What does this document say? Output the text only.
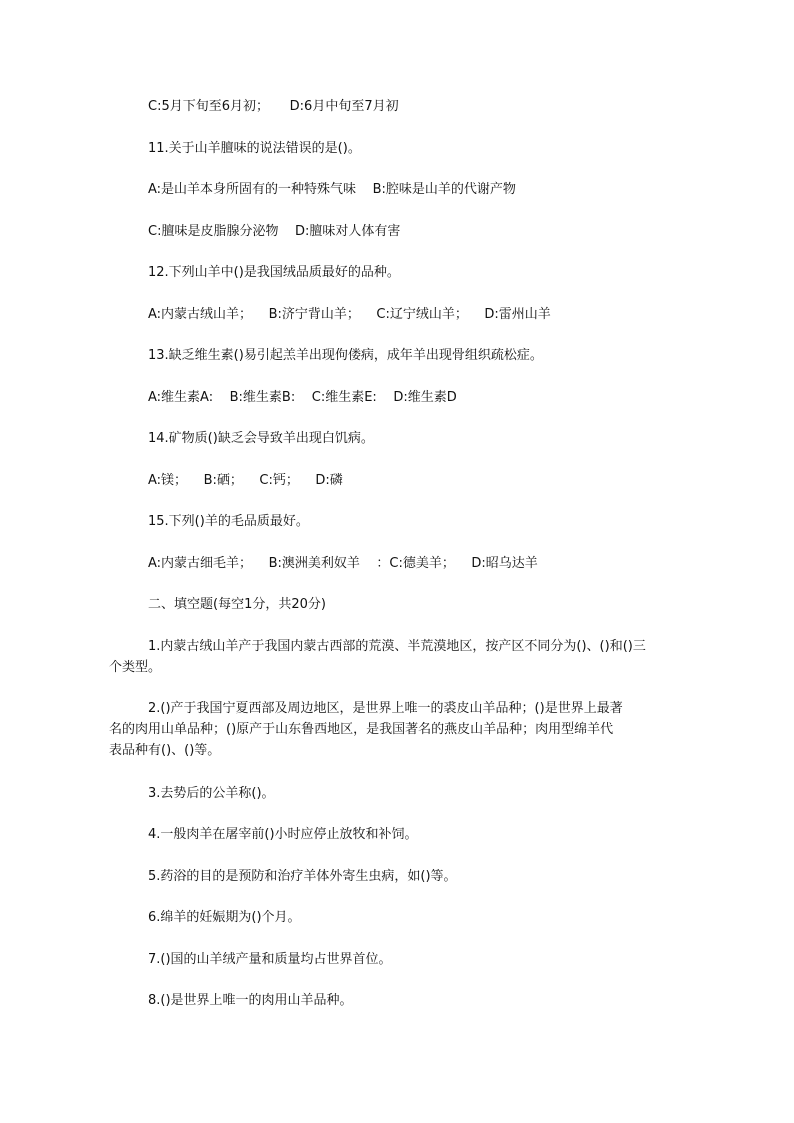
C:5月下旬至6月初；     D:6月中旬至7月初
11.关于山羊膻味的说法错误的是()。
A:是山羊本身所固有的一种特殊气味    B:腔味是山羊的代谢产物
C:膻味是皮脂腺分泌物    D:膻味对人体有害
12.下列山羊中()是我国绒品质最好的品种。
A:内蒙古绒山羊；    B:济宁背山羊；    C:辽宁绒山羊；    D:雷州山羊
13.缺乏维生素()易引起羔羊出现佝偻病，成年羊出现骨组织疏松症。
A:维生素A:    B:维生素B:    C:维生素E:    D:维生素D
14.矿物质()缺乏会导致羊出现白饥病。
A:镁；    B:硒；    C:钙；    D:磷
15.下列()羊的毛品质最好。
A:内蒙古细毛羊；    B:澳洲美利奴羊    ：C:德美羊；    D:昭乌达羊
二、填空题(每空1分，共20分)
1.内蒙古绒山羊产于我国内蒙古西部的荒漠、半荒漠地区，按产区不同分为()、()和()三
个类型。
2.()产于我国宁夏西部及周边地区，是世界上唯一的裘皮山羊品种；()是世界上最著
名的肉用山单品种；()原产于山东鲁西地区，是我国著名的燕皮山羊品种；肉用型绵羊代
表品种有()、()等。
3.去势后的公羊称()。
4.一般肉羊在屠宰前()小时应停止放牧和补饲。
5.药浴的目的是预防和治疗羊体外寄生虫病，如()等。
6.绵羊的妊娠期为()个月。
7.()国的山羊绒产量和质量均占世界首位。
8.()是世界上唯一的肉用山羊品种。
